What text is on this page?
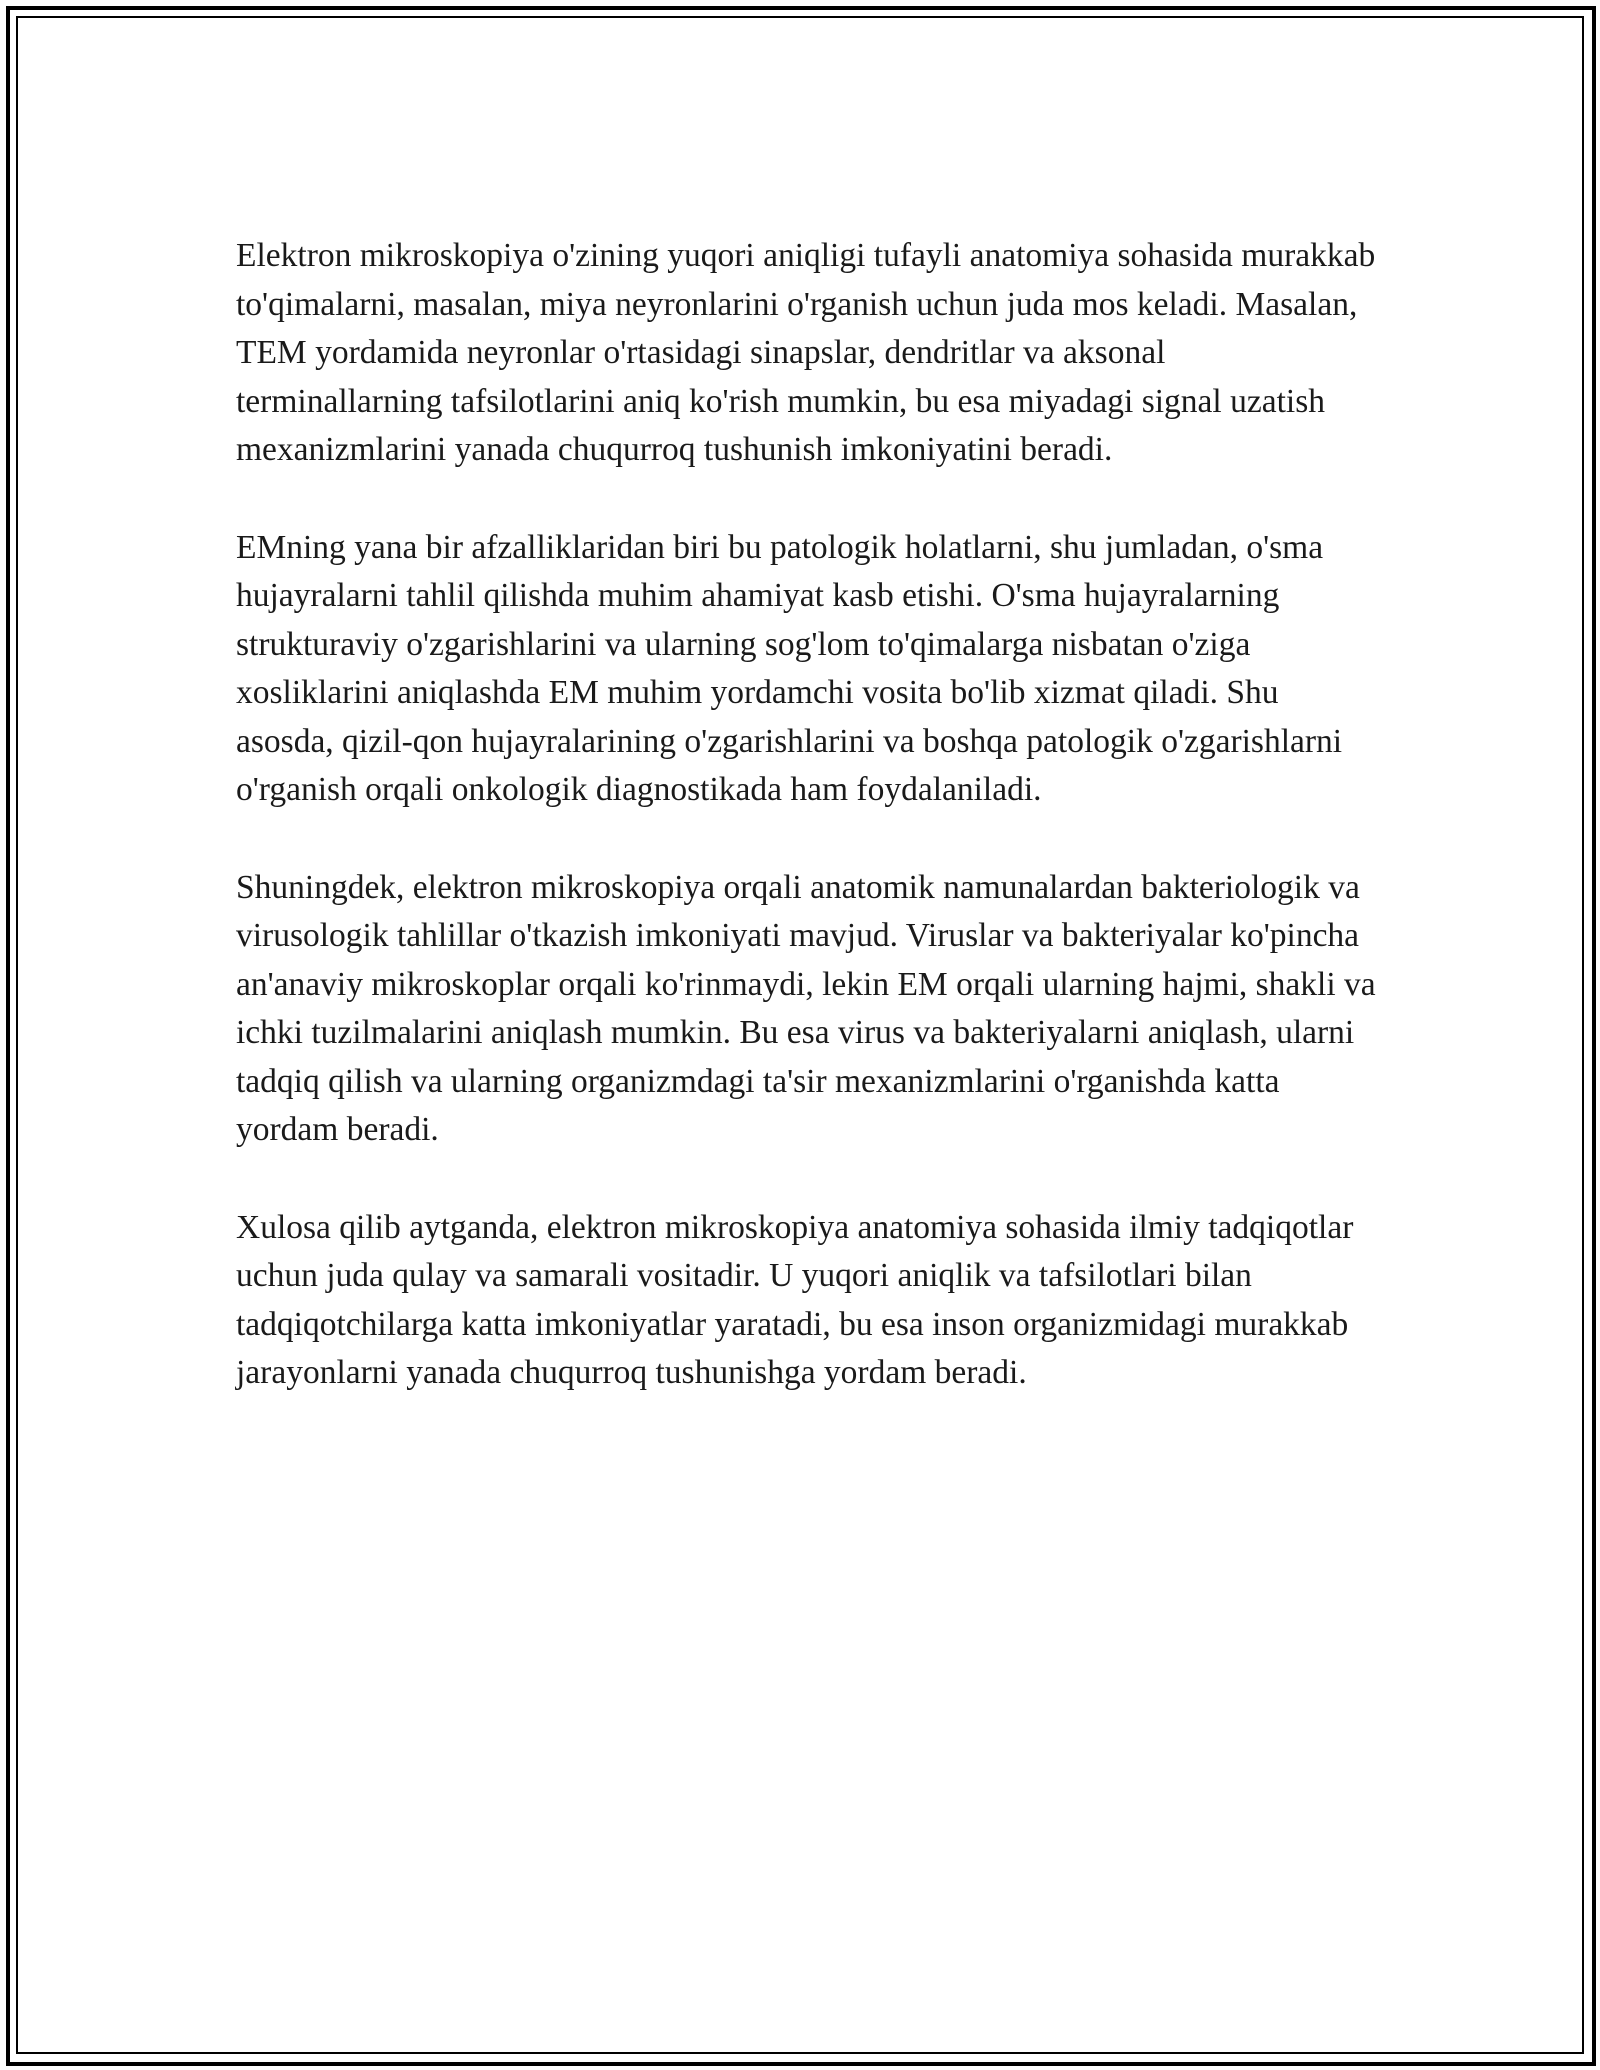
Elektron mikroskopiya o'zining yuqori aniqligi tufayli anatomiya sohasida murakkab to'qimalarni, masalan, miya neyronlarini o'rganish uchun juda mos keladi. Masalan, TEM yordamida neyronlar o'rtasidagi sinapslar, dendritlar va aksonal terminallarning tafsilotlarini aniq ko'rish mumkin, bu esa miyadagi signal uzatish mexanizmlarini yanada chuqurroq tushunish imkoniyatini beradi.

EMning yana bir afzalliklaridan biri bu patologik holatlarni, shu jumladan, o'sma hujayralarni tahlil qilishda muhim ahamiyat kasb etishi. O'sma hujayralarning strukturaviy o'zgarishlarini va ularning sog'lom to'qimalarga nisbatan o'ziga xosliklarini aniqlashda EM muhim yordamchi vosita bo'lib xizmat qiladi. Shu asosda, qizil-qon hujayralarining o'zgarishlarini va boshqa patologik o'zgarishlarni o'rganish orqali onkologik diagnostikada ham foydalaniladi.

Shuningdek, elektron mikroskopiya orqali anatomik namunalardan bakteriologik va virusologik tahlillar o'tkazish imkoniyati mavjud. Viruslar va bakteriyalar ko'pincha an'anaviy mikroskoplar orqali ko'rinmaydi, lekin EM orqali ularning hajmi, shakli va ichki tuzilmalarini aniqlash mumkin. Bu esa virus va bakteriyalarni aniqlash, ularni tadqiq qilish va ularning organizmdagi ta'sir mexanizmlarini o'rganishda katta yordam beradi.

Xulosa qilib aytganda, elektron mikroskopiya anatomiya sohasida ilmiy tadqiqotlar uchun juda qulay va samarali vositadir. U yuqori aniqlik va tafsilotlari bilan tadqiqotchilarga katta imkoniyatlar yaratadi, bu esa inson organizmidagi murakkab jarayonlarni yanada chuqurroq tushunishga yordam beradi.
